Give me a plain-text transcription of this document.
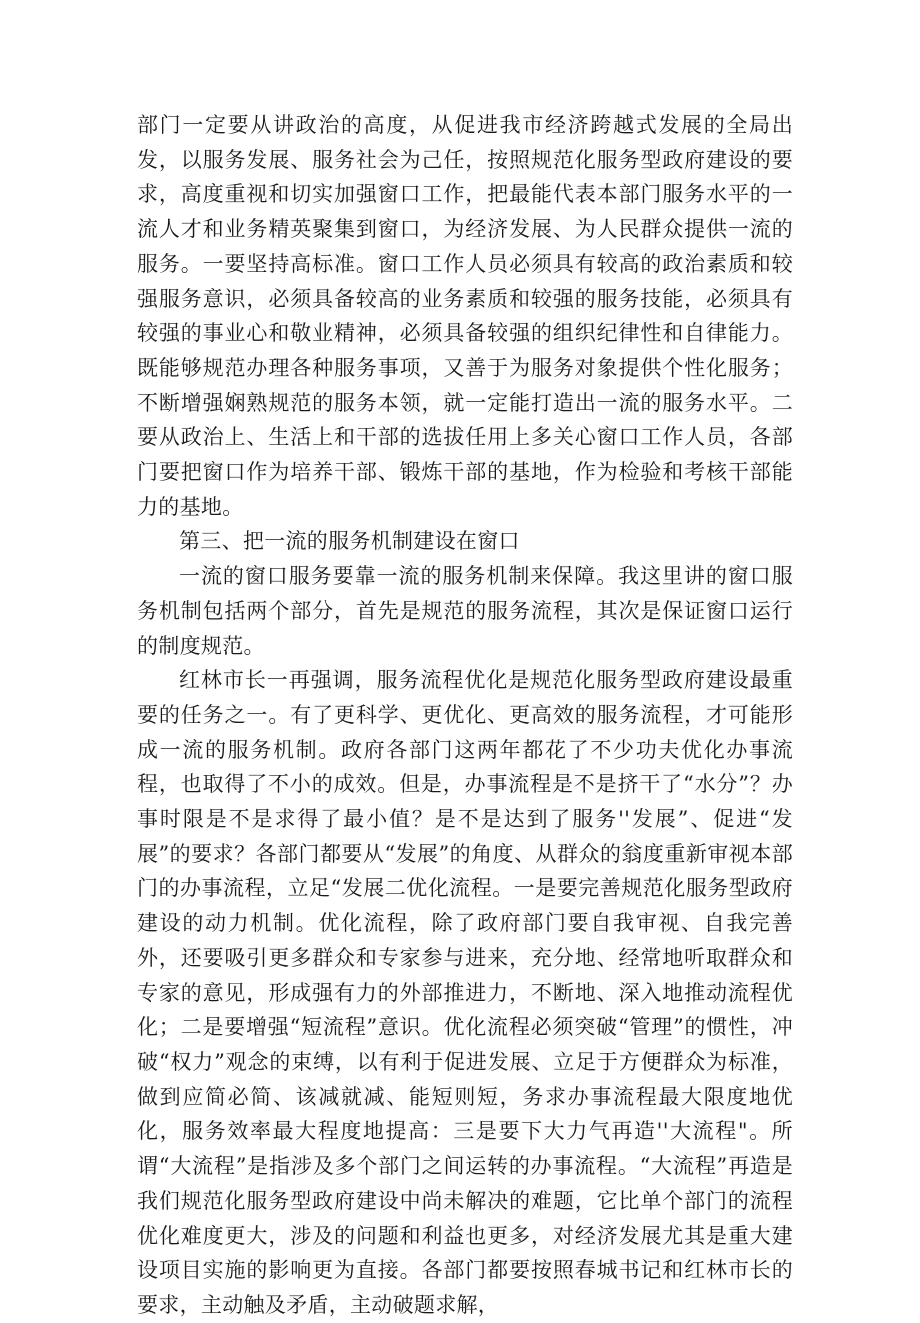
部门一定要从讲政治的高度，从促进我市经济跨越式发展的全局出发，以服务发展、服务社会为己任，按照规范化服务型政府建设的要求，高度重视和切实加强窗口工作，把最能代表本部门服务水平的一流人才和业务精英聚集到窗口，为经济发展、为人民群众提供一流的服务。一要坚持高标准。窗口工作人员必须具有较高的政治素质和较强服务意识，必须具备较高的业务素质和较强的服务技能，必须具有较强的事业心和敬业精神，必须具备较强的组织纪律性和自律能力。既能够规范办理各种服务事项，又善于为服务对象提供个性化服务；不断增强娴熟规范的服务本领，就一定能打造出一流的服务水平。二要从政治上、生活上和干部的选拔任用上多关心窗口工作人员，各部门要把窗口作为培养干部、锻炼干部的基地，作为检验和考核干部能力的基地。

第三、把一流的服务机制建设在窗口

一流的窗口服务要靠一流的服务机制来保障。我这里讲的窗口服务机制包括两个部分，首先是规范的服务流程，其次是保证窗口运行的制度规范。

红林市长一再强调，服务流程优化是规范化服务型政府建设最重要的任务之一。有了更科学、更优化、更高效的服务流程，才可能形成一流的服务机制。政府各部门这两年都花了不少功夫优化办事流程，也取得了不小的成效。但是，办事流程是不是挤干了“水分”？办事时限是不是求得了最小值？是不是达到了服务''发展”、促进“发展”的要求？各部门都要从“发展”的角度、从群众的翁度重新审视本部门的办事流程，立足“发展二优化流程。一是要完善规范化服务型政府建设的动力机制。优化流程，除了政府部门要自我审视、自我完善外，还要吸引更多群众和专家参与进来，充分地、经常地听取群众和专家的意见，形成强有力的外部推进力，不断地、深入地推动流程优化；二是要增强“短流程”意识。优化流程必须突破“管理”的惯性，冲破“权力”观念的束缚，以有利于促进发展、立足于方便群众为标准，做到应简必简、该减就减、能短则短，务求办事流程最大限度地优化，服务效率最大程度地提高：三是要下大力气再造''大流程"。所谓“大流程”是指涉及多个部门之间运转的办事流程。“大流程”再造是我们规范化服务型政府建设中尚未解决的难题，它比单个部门的流程优化难度更大，涉及的问题和利益也更多，对经济发展尤其是重大建设项目实施的影响更为直接。各部门都要按照春城书记和红林市长的要求，主动触及矛盾，主动破题求解，
